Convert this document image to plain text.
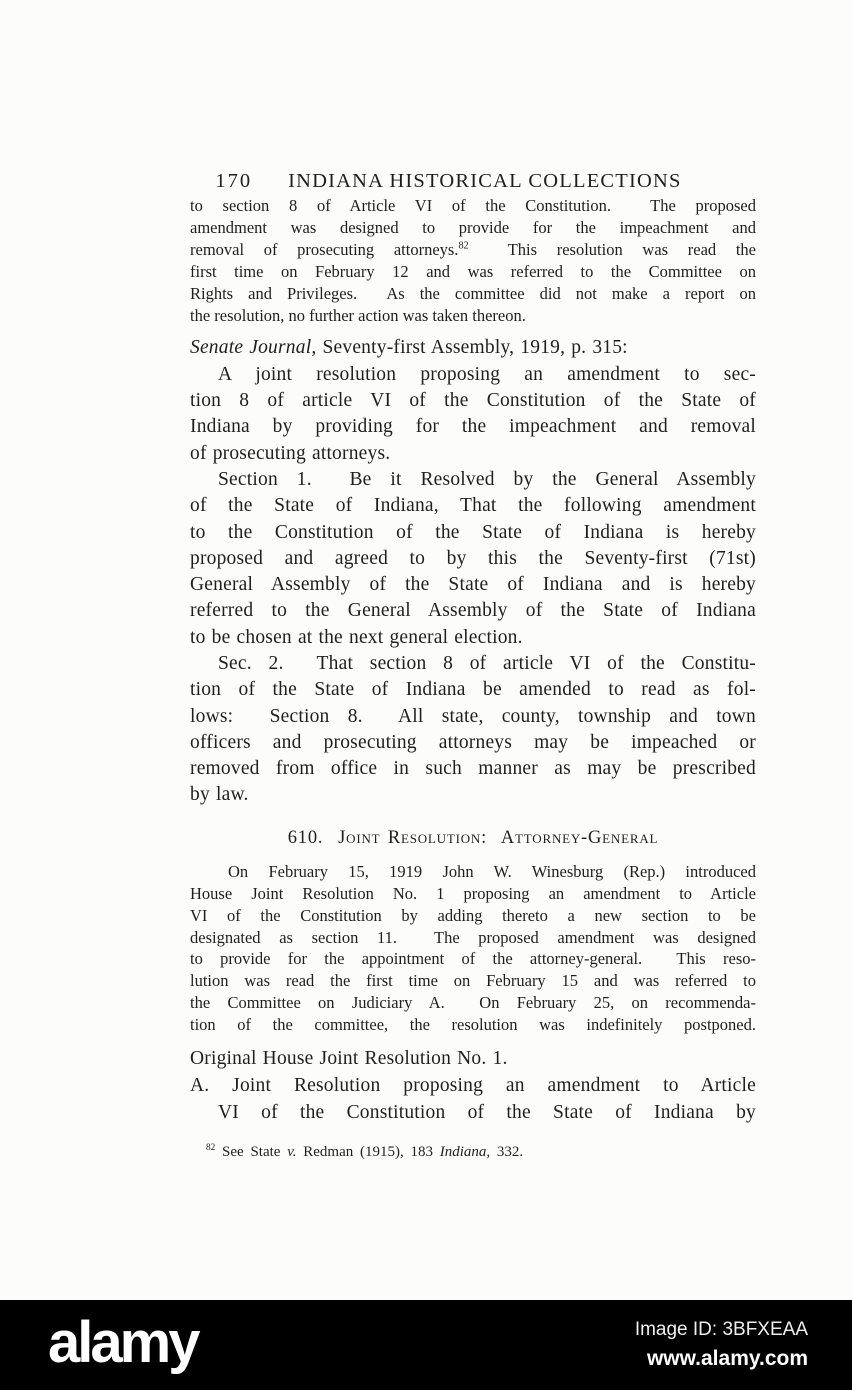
170 INDIANA HISTORICAL COLLECTIONS

to section 8 of Article VI of the Constitution.  The proposed
amendment was designed to provide for the impeachment and
removal of prosecuting attorneys.$^{82}$  This resolution was read the
first time on February 12 and was referred to the Committee on
Rights and Privileges.  As the committee did not make a report on
the resolution, no further action was taken thereon.
Senate Journal, Seventy-first Assembly, 1919, p. 315:
A joint resolution proposing an amendment to sec-
tion 8 of article VI of the Constitution of the State of
Indiana by providing for the impeachment and removal
of prosecuting attorneys.
Section 1.  Be it Resolved by the General Assembly
of the State of Indiana, That the following amendment
to the Constitution of the State of Indiana is hereby
proposed and agreed to by this the Seventy-first (71st)
General Assembly of the State of Indiana and is hereby
referred to the General Assembly of the State of Indiana
to be chosen at the next general election.
Sec. 2.  That section 8 of article VI of the Constitu-
tion of the State of Indiana be amended to read as fol-
lows:  Section 8.  All state, county, township and town
officers and prosecuting attorneys may be impeached or
removed from office in such manner as may be prescribed
by law.
610.  Joint Resolution:  Attorney-General
On February 15, 1919 John W. Winesburg (Rep.) introduced
House Joint Resolution No. 1 proposing an amendment to Article
VI of the Constitution by adding thereto a new section to be
designated as section 11.  The proposed amendment was designed
to provide for the appointment of the attorney-general.  This reso-
lution was read the first time on February 15 and was referred to
the Committee on Judiciary A.  On February 25, on recommenda-
tion of the committee, the resolution was indefinitely postponed.
Original House Joint Resolution No. 1.
A. Joint Resolution proposing an amendment to Article
VI of the Constitution of the State of Indiana by
$^{82}$ See State v. Redman (1915), 183 Indiana, 332.
alamy	Image ID: 3BFXEAA
www.alamy.com
